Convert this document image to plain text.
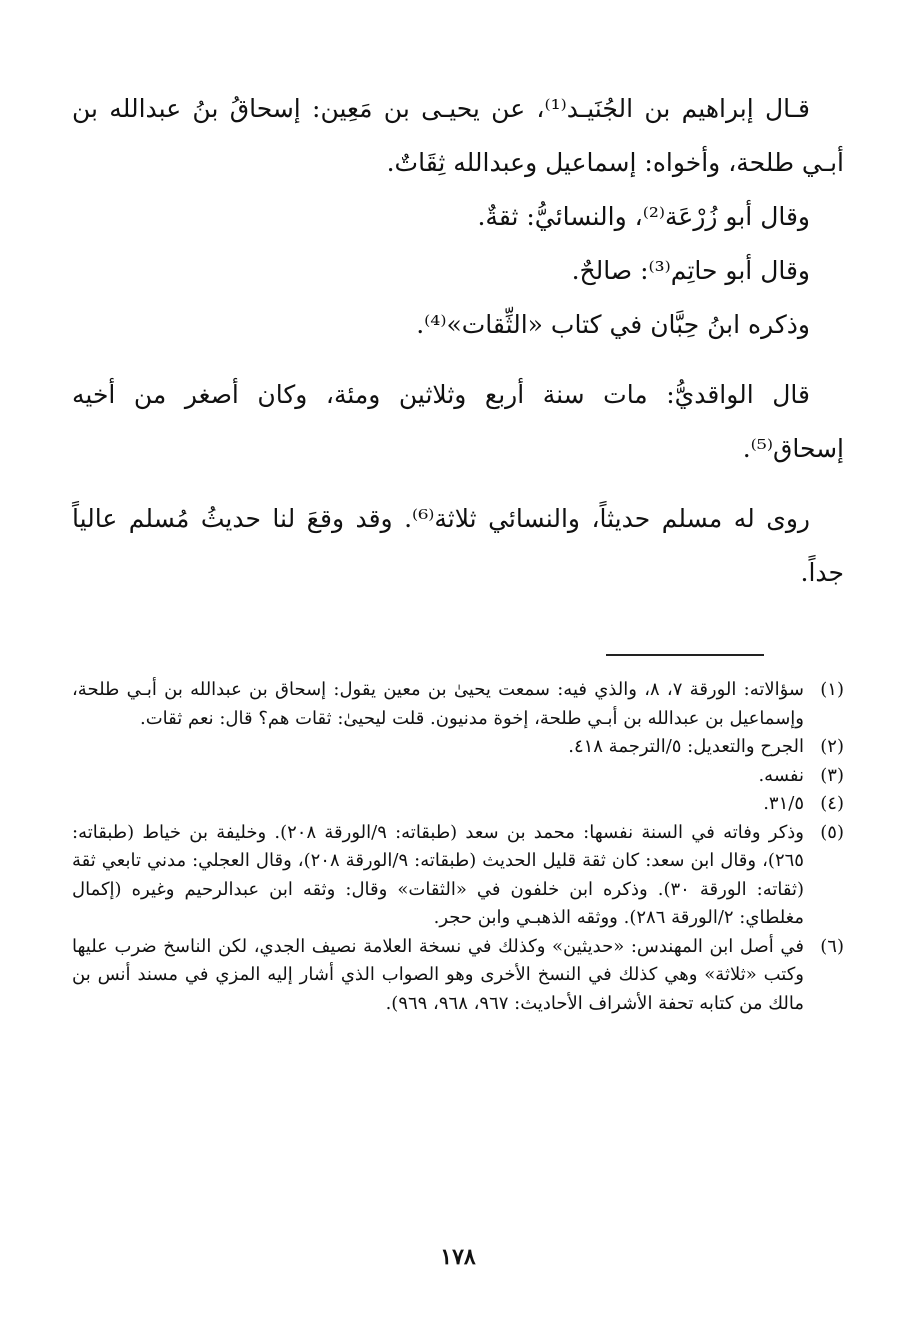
قـال إبراهيم بن الجُنَيـد⁽¹⁾، عن يحيـى بن مَعِين: إسحاقُ بنُ عبدالله بن أبـي طلحة، وأخواه: إسماعيل وعبدالله ثِقَاتٌ.

وقال أبو زُرْعَة⁽²⁾، والنسائيُّ: ثقةٌ.

وقال أبو حاتِم⁽³⁾: صالحٌ.

وذكره ابنُ حِبَّان في كتاب «الثِّقات»⁽⁴⁾.

قال الواقديُّ: مات سنة أربع وثلاثين ومئة، وكان أصغر من أخيه إسحاق⁽⁵⁾.

روى له مسلم حديثاً، والنسائي ثلاثة⁽⁶⁾. وقد وقعَ لنا حديثُ مُسلم عالياً جداً.

(١)
سؤالاته: الورقة ٧، ٨، والذي فيه: سمعت يحيىٰ بن معين يقول: إسحاق بن عبدالله بن أبـي طلحة، وإسماعيل بن عبدالله بن أبـي طلحة، إخوة مدنيون. قلت ليحيىٰ: ثقات هم؟ قال: نعم ثقات.

(٢)
الجرح والتعديل: ٥/الترجمة ٤١٨.

(٣)
نفسه.

(٤)
٣١/٥.

(٥)
وذكر وفاته في السنة نفسها: محمد بن سعد (طبقاته: ٩/الورقة ٢٠٨). وخليفة بن خياط (طبقاته: ٢٦٥)، وقال ابن سعد: كان ثقة قليل الحديث (طبقاته: ٩/الورقة ٢٠٨)، وقال العجلي: مدني تابعي ثقة (ثقاته: الورقة ٣٠). وذكره ابن خلفون في «الثقات» وقال: وثقه ابن عبدالرحيم وغيره (إكمال مغلطاي: ٢/الورقة ٢٨٦). ووثقه الذهبـي وابن حجر.

(٦)
في أصل ابن المهندس: «حديثين» وكذلك في نسخة العلامة نصيف الجدي، لكن الناسخ ضرب عليها وكتب «ثلاثة» وهي كذلك في النسخ الأخرى وهو الصواب الذي أشار إليه المزي في مسند أنس بن مالك من كتابه تحفة الأشراف الأحاديث: ٩٦٧، ٩٦٨، ٩٦٩).

١٧٨
